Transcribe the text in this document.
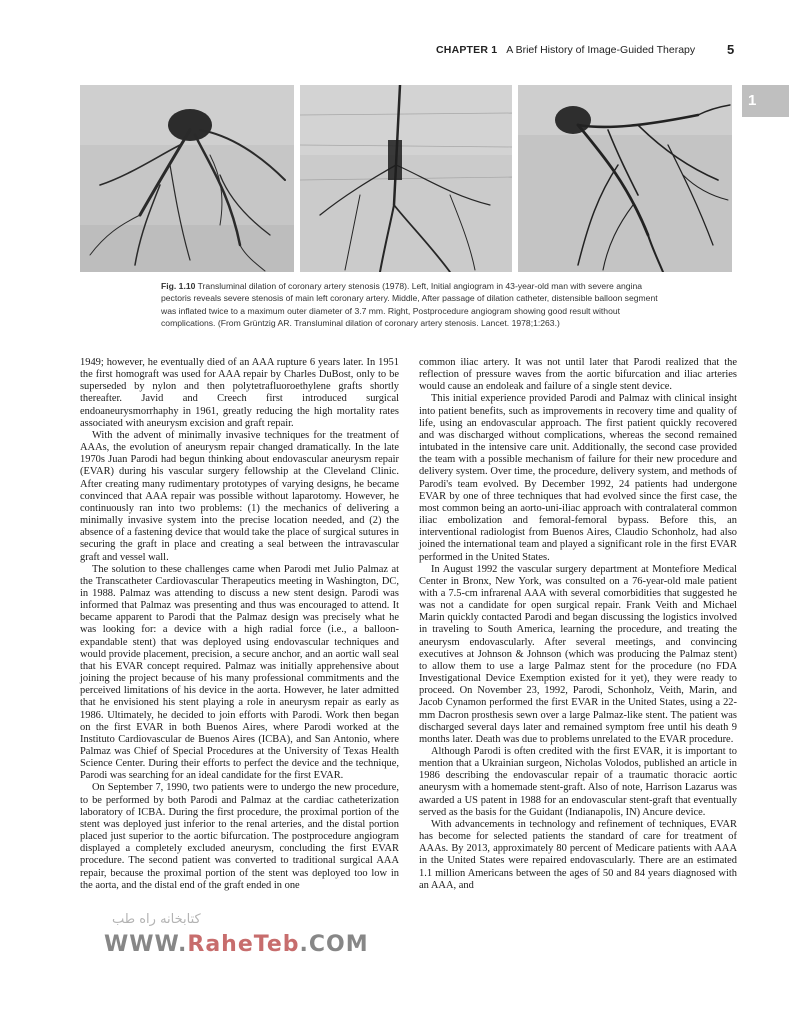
CHAPTER 1 A Brief History of Image-Guided Therapy 5
1

Fig. 1.10 Transluminal dilation of coronary artery stenosis (1978). Left, Initial angiogram in 43-year-old man with severe angina pectoris reveals severe stenosis of main left coronary artery. Middle, After passage of dilation catheter, distensible balloon segment was inflated twice to a maximum outer diameter of 3.7 mm. Right, Postprocedure angiogram showing good result without complications. (From Grüntzig AR. Transluminal dilation of coronary artery stenosis. Lancet. 1978;1:263.)

1949; however, he eventually died of an AAA rupture 6 years later. In 1951 the first homograft was used for AAA repair by Charles DuBost, only to be superseded by nylon and then polytetrafluoroethylene grafts shortly thereafter. Javid and Creech first introduced surgical endoaneurysmorrhaphy in 1961, greatly reducing the high mortality rates associated with aneurysm excision and graft repair.

With the advent of minimally invasive techniques for the treatment of AAAs, the evolution of aneurysm repair changed dramatically. In the late 1970s Juan Parodi had begun thinking about endovascular aneurysm repair (EVAR) during his vascular surgery fellowship at the Cleveland Clinic. After creating many rudimentary prototypes of varying designs, he became convinced that AAA repair was possible without laparotomy. However, he continuously ran into two problems: (1) the mechanics of delivering a minimally invasive system into the precise location needed, and (2) the absence of a fastening device that would take the place of surgical sutures in securing the graft in place and creating a seal between the intravascular graft and vessel wall.

The solution to these challenges came when Parodi met Julio Palmaz at the Transcatheter Cardiovascular Therapeutics meeting in Washington, DC, in 1988. Palmaz was attending to discuss a new stent design. Parodi was informed that Palmaz was presenting and thus was encouraged to attend. It became apparent to Parodi that the Palmaz design was precisely what he was looking for: a device with a high radial force (i.e., a balloon-expandable stent) that was deployed using endovascular techniques and would provide placement, precision, a secure anchor, and an aortic wall seal that his EVAR concept required. Palmaz was initially apprehensive about joining the project because of his many professional commitments and the perceived limitations of his device in the aorta. However, he later admitted that he envisioned his stent playing a role in aneurysm repair as early as 1986. Ultimately, he decided to join efforts with Parodi. Work then began on the first EVAR in both Buenos Aires, where Parodi worked at the Instituto Cardiovascular de Buenos Aires (ICBA), and San Antonio, where Palmaz was Chief of Special Procedures at the University of Texas Health Science Center. During their efforts to perfect the device and the technique, Parodi was searching for an ideal candidate for the first EVAR.

On September 7, 1990, two patients were to undergo the new procedure, to be performed by both Parodi and Palmaz at the cardiac catheterization laboratory of ICBA. During the first procedure, the proximal portion of the stent was deployed just inferior to the renal arteries, and the distal portion placed just superior to the aortic bifurcation. The postprocedure angiogram displayed a completely excluded aneurysm, concluding the first EVAR procedure. The second patient was converted to traditional surgical AAA repair, because the proximal portion of the stent was deployed too low in the aorta, and the distal end of the graft ended in one

common iliac artery. It was not until later that Parodi realized that the reflection of pressure waves from the aortic bifurcation and iliac arteries would cause an endoleak and failure of a single stent device.

This initial experience provided Parodi and Palmaz with clinical insight into patient benefits, such as improvements in recovery time and quality of life, using an endovascular approach. The first patient quickly recovered and was discharged without complications, whereas the second remained intubated in the intensive care unit. Additionally, the second case provided the team with a possible mechanism of failure for their new procedure and delivery system. Over time, the procedure, delivery system, and methods of Parodi's team evolved. By December 1992, 24 patients had undergone EVAR by one of three techniques that had evolved since the first case, the most common being an aorto-uni-iliac approach with contralateral common iliac embolization and femoral-femoral bypass. Before this, an interventional radiologist from Buenos Aires, Claudio Schonholz, had also joined the international team and played a significant role in the first EVAR performed in the United States.

In August 1992 the vascular surgery department at Montefiore Medical Center in Bronx, New York, was consulted on a 76-year-old male patient with a 7.5-cm infrarenal AAA with several comorbidities that suggested he was not a candidate for open surgical repair. Frank Veith and Michael Marin quickly contacted Parodi and began discussing the logistics involved in traveling to South America, learning the procedure, and treating the aneurysm endovascularly. After several meetings, and convincing executives at Johnson & Johnson (which was producing the Palmaz stent) to allow them to use a large Palmaz stent for the procedure (no FDA Investigational Device Exemption existed for it yet), they were ready to proceed. On November 23, 1992, Parodi, Schonholz, Veith, Marin, and Jacob Cynamon performed the first EVAR in the United States, using a 22-mm Dacron prosthesis sewn over a large Palmaz-like stent. The patient was discharged several days later and remained symptom free until his death 9 months later. Death was due to problems unrelated to the EVAR procedure.

Although Parodi is often credited with the first EVAR, it is important to mention that a Ukrainian surgeon, Nicholas Volodos, published an article in 1986 describing the endovascular repair of a traumatic thoracic aortic aneurysm with a homemade stent-graft. Also of note, Harrison Lazarus was awarded a US patent in 1988 for an endovascular stent-graft that eventually served as the basis for the Guidant (Indianapolis, IN) Ancure device.

With advancements in technology and refinement of techniques, EVAR has become for selected patients the standard of care for treatment of AAAs. By 2013, approximately 80 percent of Medicare patients with AAA in the United States were repaired endovascularly. There are an estimated 1.1 million Americans between the ages of 50 and 84 years diagnosed with an AAA, and

کتابخانه راه طب
WWW.RaheTeb.COM
